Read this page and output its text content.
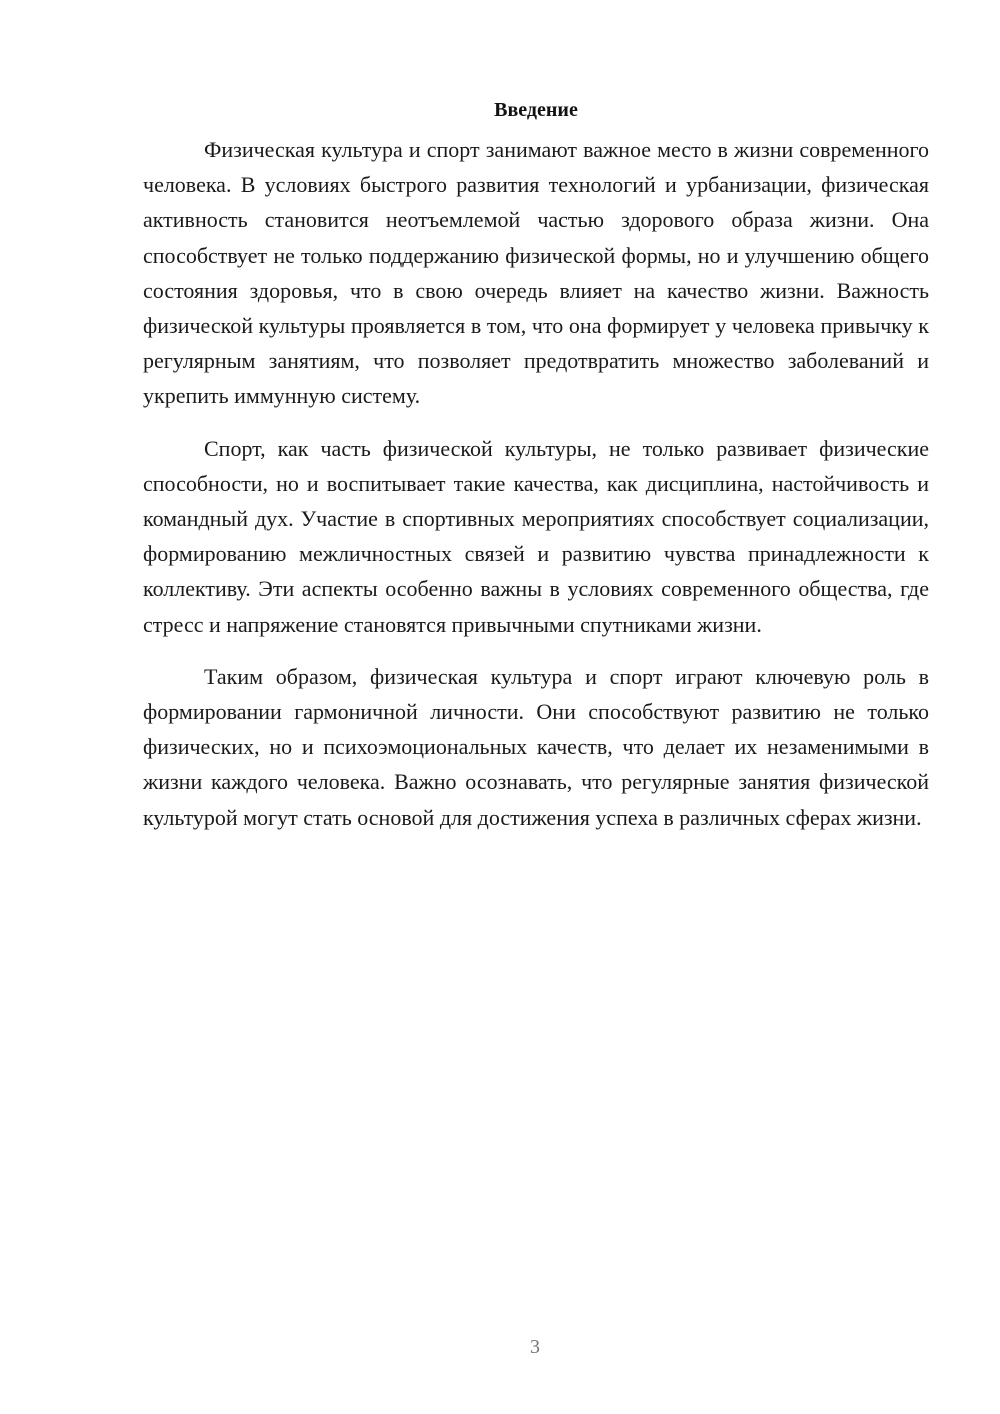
Введение

Физическая культура и спорт занимают важное место в жизни современного человека. В условиях быстрого развития технологий и урбанизации, физическая активность становится неотъемлемой частью здорового образа жизни. Она способствует не только поддержанию физической формы, но и улучшению общего состояния здоровья, что в свою очередь влияет на качество жизни. Важность физической культуры проявляется в том, что она формирует у человека привычку к регулярным занятиям, что позволяет предотвратить множество заболеваний и укрепить иммунную систему.

Спорт, как часть физической культуры, не только развивает физические способности, но и воспитывает такие качества, как дисциплина, настойчивость и командный дух. Участие в спортивных мероприятиях способствует социализации, формированию межличностных связей и развитию чувства принадлежности к коллективу. Эти аспекты особенно важны в условиях современного общества, где стресс и напряжение становятся привычными спутниками жизни.

Таким образом, физическая культура и спорт играют ключевую роль в формировании гармоничной личности. Они способствуют развитию не только физических, но и психоэмоциональных качеств, что делает их незаменимыми в жизни каждого человека. Важно осознавать, что регулярные занятия физической культурой могут стать основой для достижения успеха в различных сферах жизни.

3
